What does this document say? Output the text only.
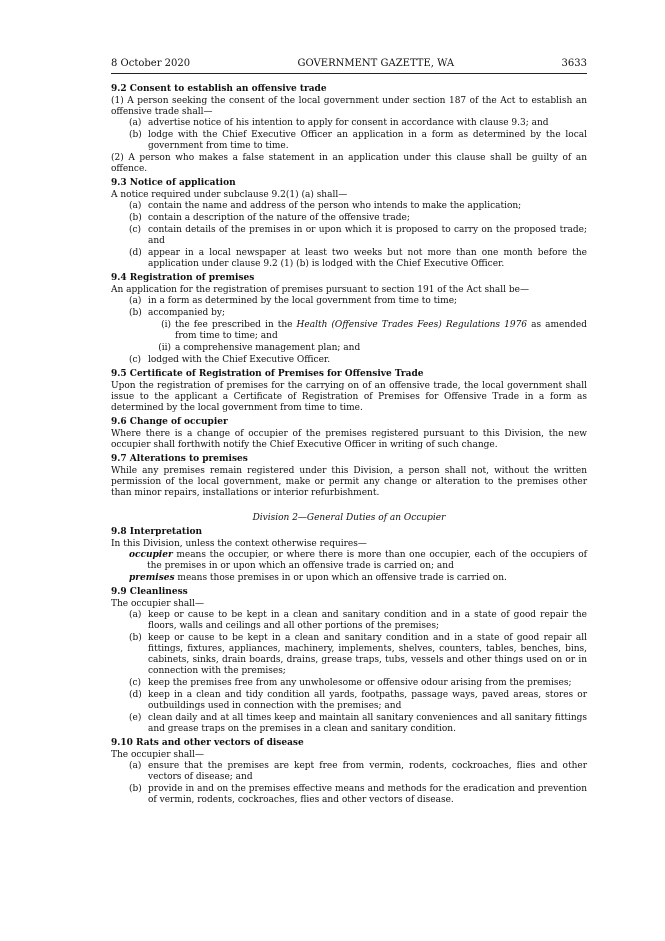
8 October 2020	GOVERNMENT GAZETTE, WA	3633
9.2 Consent to establish an offensive trade
(1) A person seeking the consent of the local government under section 187 of the Act to establish an offensive trade shall—
(a) advertise notice of his intention to apply for consent in accordance with clause 9.3; and
(b) lodge with the Chief Executive Officer an application in a form as determined by the local government from time to time.
(2) A person who makes a false statement in an application under this clause shall be guilty of an offence.
9.3 Notice of application
A notice required under subclause 9.2(1) (a) shall—
(a) contain the name and address of the person who intends to make the application;
(b) contain a description of the nature of the offensive trade;
(c) contain details of the premises in or upon which it is proposed to carry on the proposed trade; and
(d) appear in a local newspaper at least two weeks but not more than one month before the application under clause 9.2 (1) (b) is lodged with the Chief Executive Officer.
9.4 Registration of premises
An application for the registration of premises pursuant to section 191 of the Act shall be—
(a) in a form as determined by the local government from time to time;
(b) accompanied by;
(i) the fee prescribed in the Health (Offensive Trades Fees) Regulations 1976 as amended from time to time; and
(ii) a comprehensive management plan; and
(c) lodged with the Chief Executive Officer.
9.5 Certificate of Registration of Premises for Offensive Trade
Upon the registration of premises for the carrying on of an offensive trade, the local government shall issue to the applicant a Certificate of Registration of Premises for Offensive Trade in a form as determined by the local government from time to time.
9.6 Change of occupier
Where there is a change of occupier of the premises registered pursuant to this Division, the new occupier shall forthwith notify the Chief Executive Officer in writing of such change.
9.7 Alterations to premises
While any premises remain registered under this Division, a person shall not, without the written permission of the local government, make or permit any change or alteration to the premises other than minor repairs, installations or interior refurbishment.
Division 2—General Duties of an Occupier
9.8 Interpretation
In this Division, unless the context otherwise requires—
occupier means the occupier, or where there is more than one occupier, each of the occupiers of the premises in or upon which an offensive trade is carried on; and
premises means those premises in or upon which an offensive trade is carried on.
9.9 Cleanliness
The occupier shall—
(a) keep or cause to be kept in a clean and sanitary condition and in a state of good repair the floors, walls and ceilings and all other portions of the premises;
(b) keep or cause to be kept in a clean and sanitary condition and in a state of good repair all fittings, fixtures, appliances, machinery, implements, shelves, counters, tables, benches, bins, cabinets, sinks, drain boards, drains, grease traps, tubs, vessels and other things used on or in connection with the premises;
(c) keep the premises free from any unwholesome or offensive odour arising from the premises;
(d) keep in a clean and tidy condition all yards, footpaths, passage ways, paved areas, stores or outbuildings used in connection with the premises; and
(e) clean daily and at all times keep and maintain all sanitary conveniences and all sanitary fittings and grease traps on the premises in a clean and sanitary condition.
9.10 Rats and other vectors of disease
The occupier shall—
(a) ensure that the premises are kept free from vermin, rodents, cockroaches, flies and other vectors of disease; and
(b) provide in and on the premises effective means and methods for the eradication and prevention of vermin, rodents, cockroaches, flies and other vectors of disease.
